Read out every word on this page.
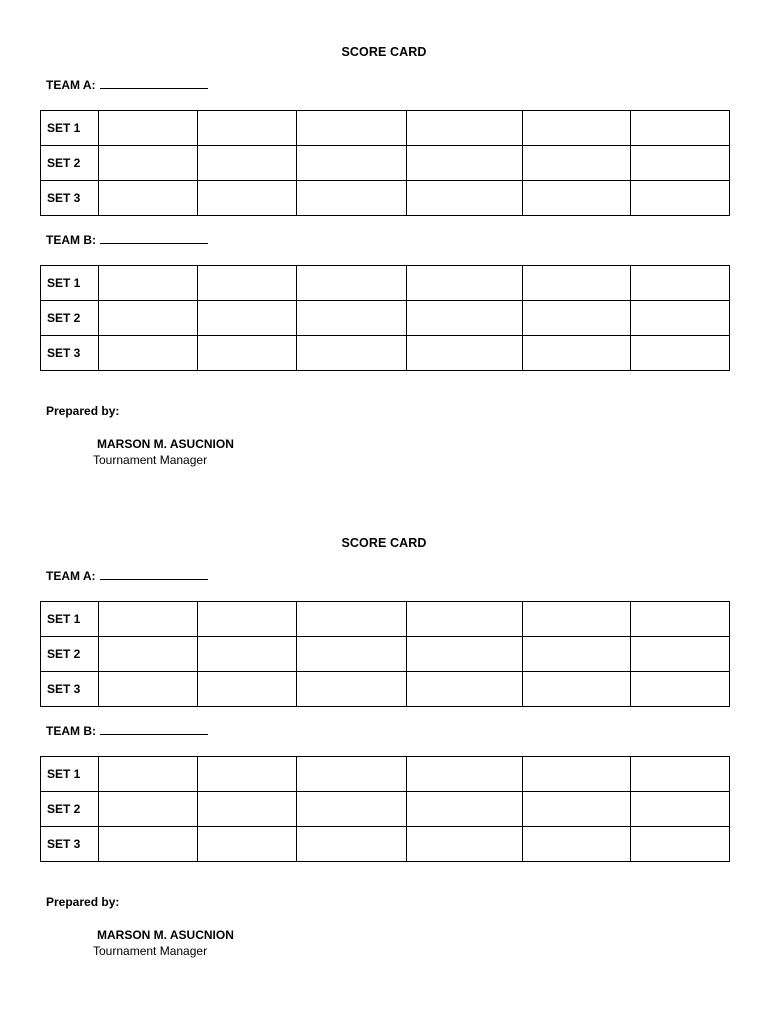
SCORE CARD
TEAM A:
SET 1						
SET 2						
SET 3						
TEAM B:
SET 1						
SET 2						
SET 3						
Prepared by:
MARSON M. ASUCNION
Tournament Manager
SCORE CARD
TEAM A:
SET 1						
SET 2						
SET 3						
TEAM B:
SET 1						
SET 2						
SET 3						
Prepared by:
MARSON M. ASUCNION
Tournament Manager
